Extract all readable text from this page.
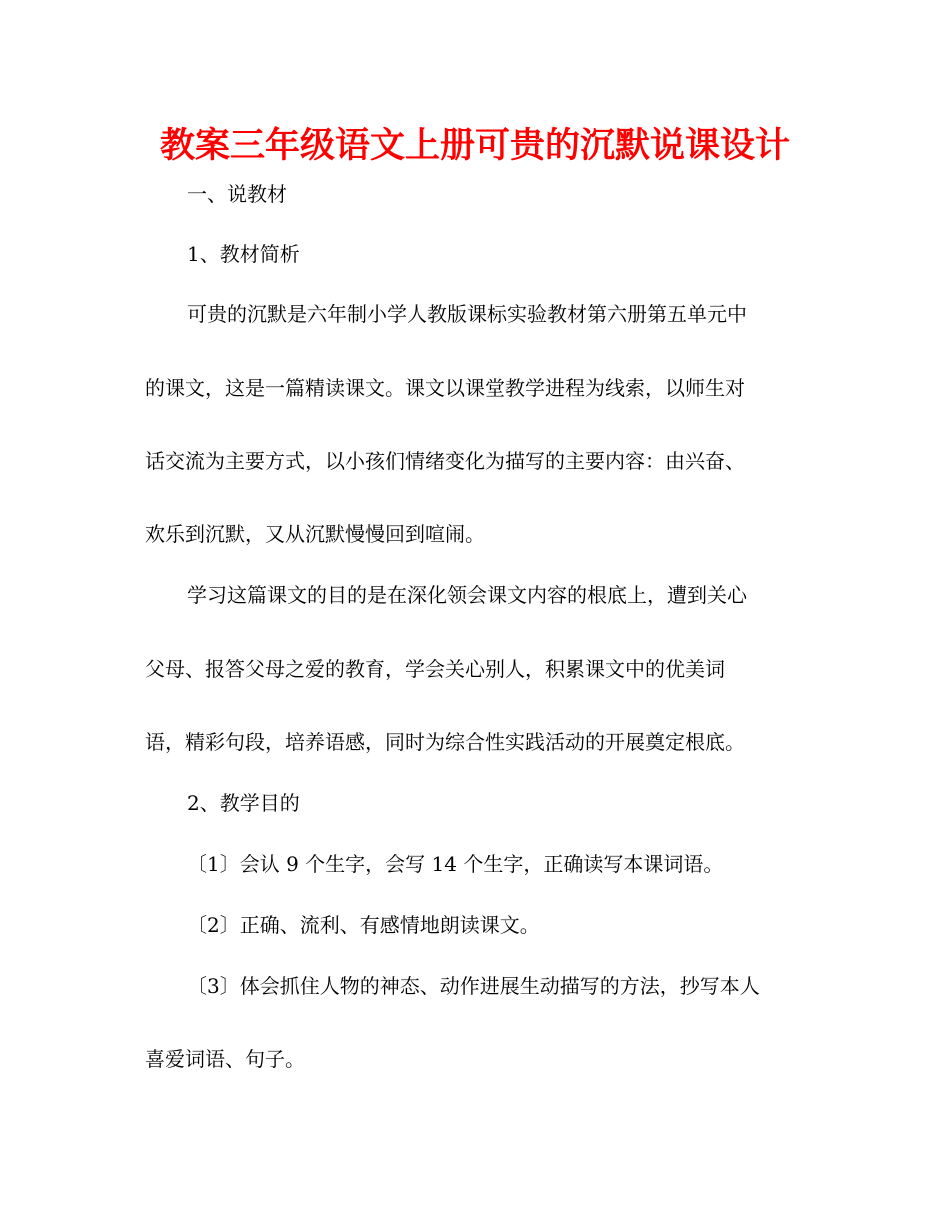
教案三年级语文上册可贵的沉默说课设计
一、说教材
1、教材简析
可贵的沉默是六年制小学人教版课标实验教材第六册第五单元中
的课文，这是一篇精读课文。课文以课堂教学进程为线索，以师生对
话交流为主要方式，以小孩们情绪变化为描写的主要内容：由兴奋、
欢乐到沉默，又从沉默慢慢回到喧闹。
学习这篇课文的目的是在深化领会课文内容的根底上，遭到关心
父母、报答父母之爱的教育，学会关心别人，积累课文中的优美词
语，精彩句段，培养语感，同时为综合性实践活动的开展奠定根底。
2、教学目的
〔1〕会认 9 个生字，会写 14 个生字，正确读写本课词语。
〔2〕正确、流利、有感情地朗读课文。
〔3〕体会抓住人物的神态、动作进展生动描写的方法，抄写本人
喜爱词语、句子。
